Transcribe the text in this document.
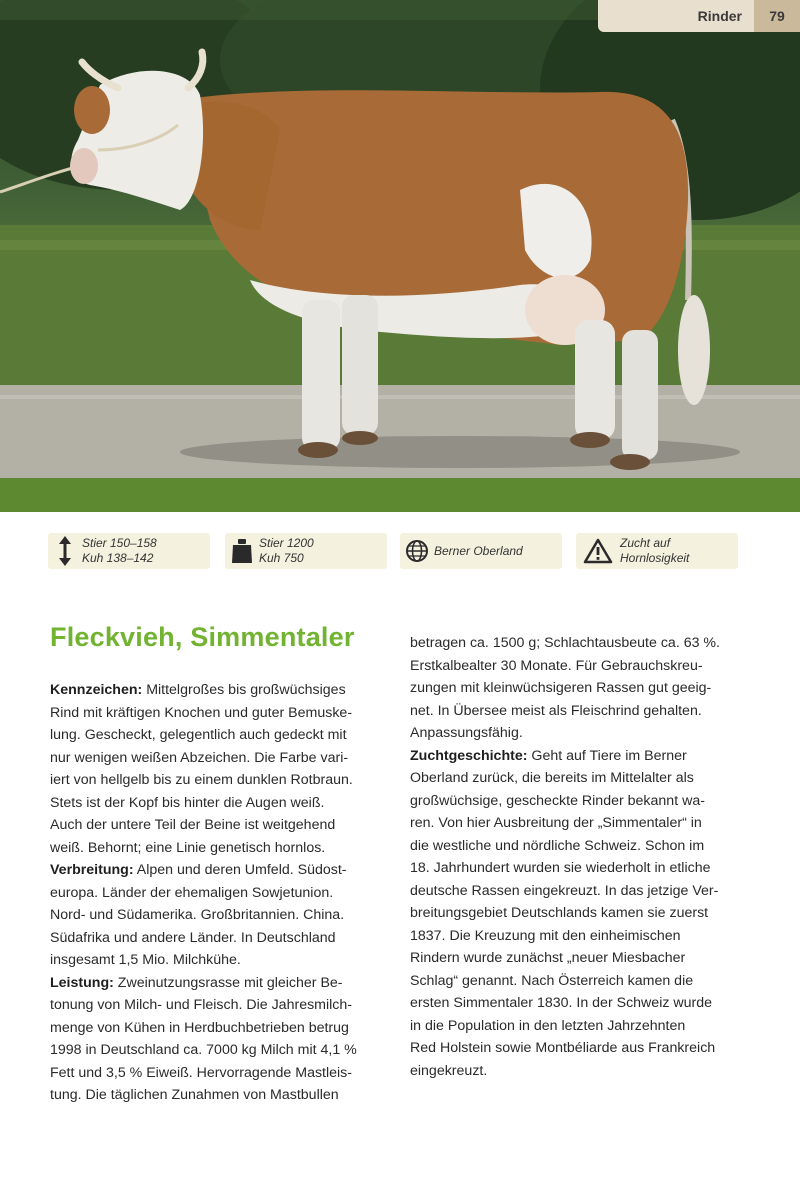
Rinder	79
Stier 150–158
Kuh 138–142
Stier 1200
Kuh 750
Berner Oberland
Zucht auf
Hornlosigkeit
Fleckvieh, Simmentaler

Kennzeichen: Mittelgroßes bis großwüchsiges

Rind mit kräftigen Knochen und guter Bemuske-

lung. Gescheckt, gelegentlich auch gedeckt mit

nur wenigen weißen Abzeichen. Die Farbe vari-

iert von hellgelb bis zu einem dunklen Rotbraun.

Stets ist der Kopf bis hinter die Augen weiß.

Auch der untere Teil der Beine ist weitgehend

weiß. Behornt; eine Linie genetisch hornlos.

Verbreitung: Alpen und deren Umfeld. Südost-

europa. Länder der ehemaligen Sowjetunion.

Nord- und Südamerika. Großbritannien. China.

Südafrika und andere Länder. In Deutschland

insgesamt 1,5 Mio. Milchkühe.

Leistung: Zweinutzungsrasse mit gleicher Be-

tonung von Milch- und Fleisch. Die Jahresmilch-

menge von Kühen in Herdbuchbetrieben betrug

1998 in Deutschland ca. 7000 kg Milch mit 4,1 %

Fett und 3,5 % Eiweiß. Hervorragende Mastleis-

tung. Die täglichen Zunahmen von Mastbullen

betragen ca. 1500 g; Schlachtausbeute ca. 63 %.

Erstkalbealter 30 Monate. Für Gebrauchskreu-

zungen mit kleinwüchsigeren Rassen gut geeig-

net. In Übersee meist als Fleischrind gehalten.

Anpassungsfähig.

Zuchtgeschichte: Geht auf Tiere im Berner

Oberland zurück, die bereits im Mittelalter als

großwüchsige, gescheckte Rinder bekannt wa-

ren. Von hier Ausbreitung der „Simmentaler“ in

die westliche und nördliche Schweiz. Schon im

18. Jahrhundert wurden sie wiederholt in etliche

deutsche Rassen eingekreuzt. In das jetzige Ver-

breitungsgebiet Deutschlands kamen sie zuerst

1837. Die Kreuzung mit den einheimischen

Rindern wurde zunächst „neuer Miesbacher

Schlag“ genannt. Nach Österreich kamen die

ersten Simmentaler 1830. In der Schweiz wurde

in die Population in den letzten Jahrzehnten

Red Holstein sowie Montbéliarde aus Frankreich

eingekreuzt.
